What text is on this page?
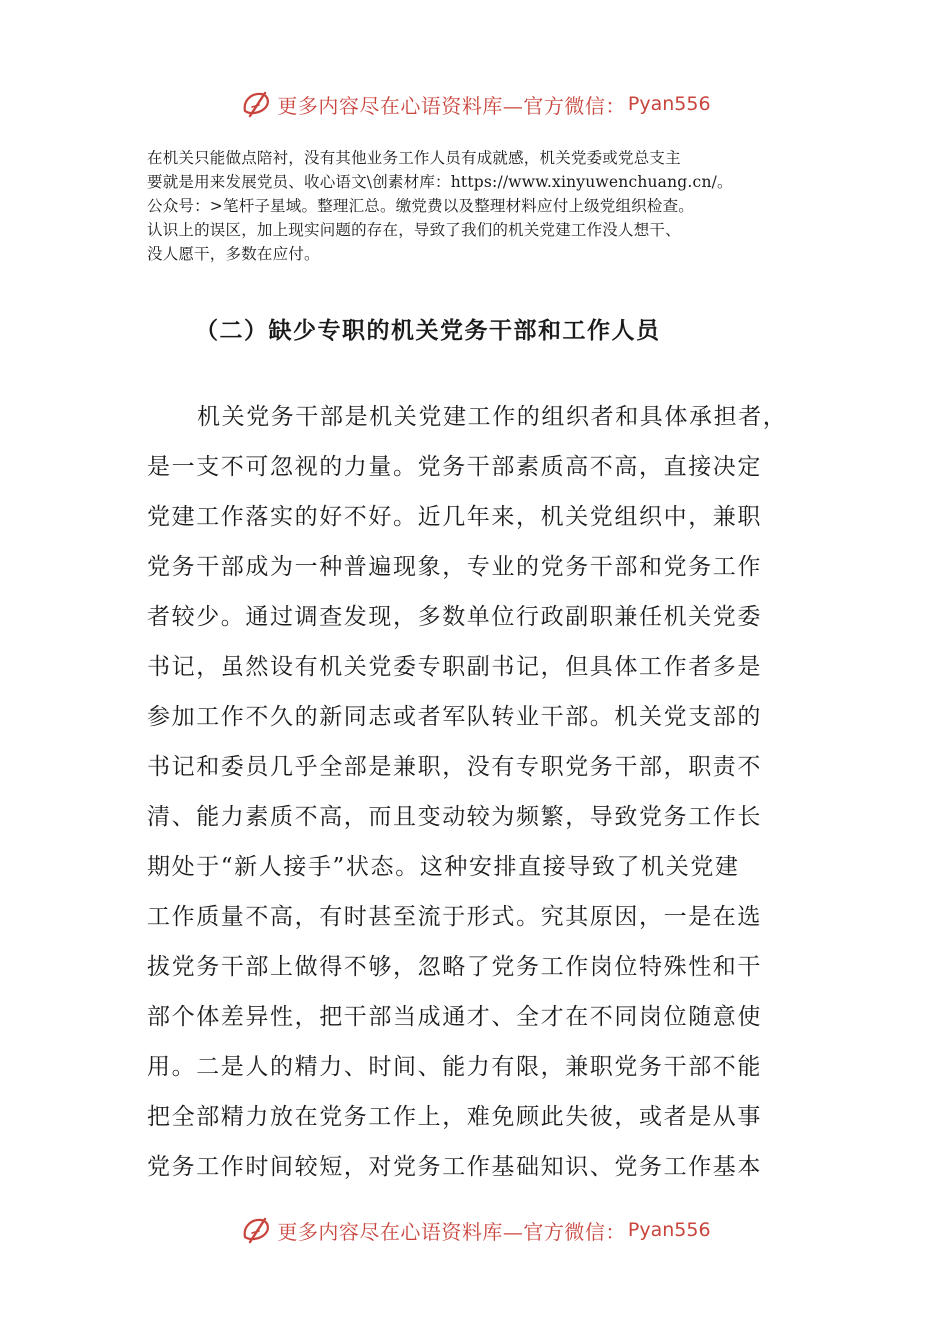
更多内容尽在心语资料库—官方微信： Pyan556
在机关只能做点陪衬，没有其他业务工作人员有成就感，机关党委或党总支主
要就是用来发展党员、收心语文\创素材库：https://www.xinyuwenchuang.cn/。
公众号：>笔杆子星域。整理汇总。缴党费以及整理材料应付上级党组织检查。
认识上的误区，加上现实问题的存在，导致了我们的机关党建工作没人想干、
没人愿干，多数在应付。
（二）缺少专职的机关党务干部和工作人员
机关党务干部是机关党建工作的组织者和具体承担者，
是一支不可忽视的力量。党务干部素质高不高，直接决定
党建工作落实的好不好。近几年来，机关党组织中，兼职
党务干部成为一种普遍现象，专业的党务干部和党务工作
者较少。通过调查发现，多数单位行政副职兼任机关党委
书记，虽然设有机关党委专职副书记，但具体工作者多是
参加工作不久的新同志或者军队转业干部。机关党支部的
书记和委员几乎全部是兼职，没有专职党务干部，职责不
清、能力素质不高，而且变动较为频繁，导致党务工作长
期处于“新人接手”状态。这种安排直接导致了机关党建
工作质量不高，有时甚至流于形式。究其原因，一是在选
拔党务干部上做得不够，忽略了党务工作岗位特殊性和干
部个体差异性，把干部当成通才、全才在不同岗位随意使
用。二是人的精力、时间、能力有限，兼职党务干部不能
把全部精力放在党务工作上，难免顾此失彼，或者是从事
党务工作时间较短，对党务工作基础知识、党务工作基本
更多内容尽在心语资料库—官方微信： Pyan556
